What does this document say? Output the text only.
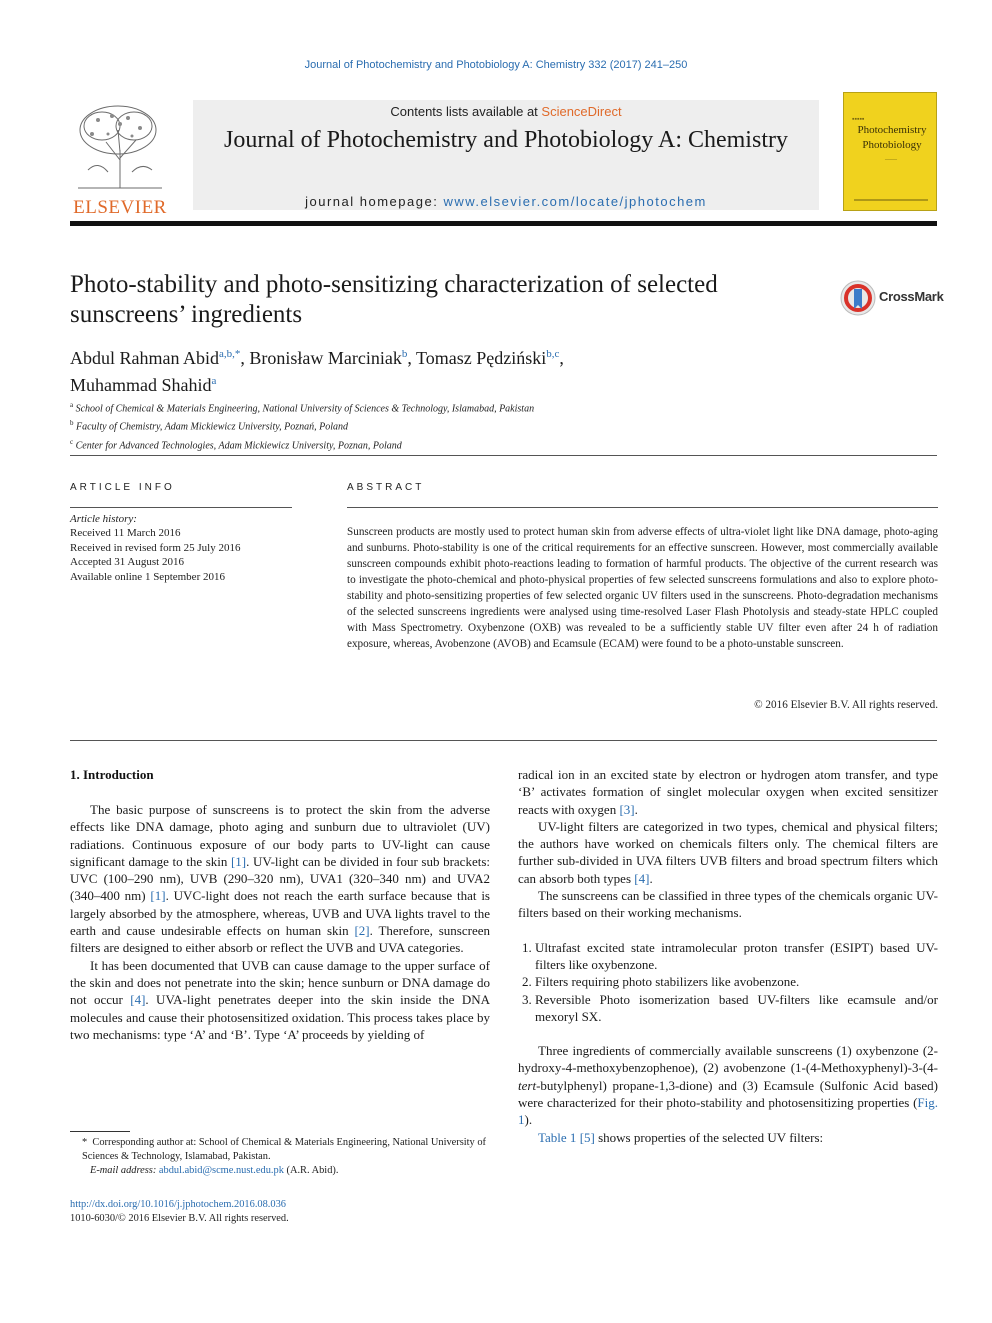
Journal of Photochemistry and Photobiology A: Chemistry 332 (2017) 241–250
ELSEVIER
Contents lists available at ScienceDirect
Journal of Photochemistry and Photobiology A: Chemistry
journal homepage: www.elsevier.com/locate/jphotochem
▪▪▪▪▪
Photochemistry Photobiology
——
Photo-stability and photo-sensitizing characterization of selected sunscreens’ ingredients
CrossMark
Abdul Rahman Abid$^{a,b,*}$, Bronisław Marciniak$^b$, Tomasz Pędziński$^{b,c}$,
Muhammad Shahid$^a$
$^a$ School of Chemical & Materials Engineering, National University of Sciences & Technology, Islamabad, Pakistan
$^b$ Faculty of Chemistry, Adam Mickiewicz University, Poznań, Poland
$^c$ Center for Advanced Technologies, Adam Mickiewicz University, Poznan, Poland
ARTICLE INFO	ABSTRACT
Article history:
Received 11 March 2016
Received in revised form 25 July 2016
Accepted 31 August 2016
Available online 1 September 2016
Sunscreen products are mostly used to protect human skin from adverse effects of ultra-violet light like DNA damage, photo-aging and sunburns. Photo-stability is one of the critical requirements for an effective sunscreen. However, most commercially available sunscreen compounds exhibit photo-reactions leading to formation of harmful products. The objective of the current research was to investigate the photo-chemical and photo-physical properties of few selected sunscreens formulations and also to explore photo-stability and photo-sensitizing properties of few selected organic UV filters used in the sunscreens. Photo-degradation mechanisms of the selected sunscreens ingredients were analysed using time-resolved Laser Flash Photolysis and steady-state HPLC coupled with Mass Spectrometry. Oxybenzone (OXB) was revealed to be a sufficiently stable UV filter even after 24 h of radiation exposure, whereas, Avobenzone (AVOB) and Ecamsule (ECAM) were found to be a photo-unstable sunscreen.
© 2016 Elsevier B.V. All rights reserved.
1. Introduction

The basic purpose of sunscreens is to protect the skin from the adverse effects like DNA damage, photo aging and sunburn due to ultraviolet (UV) radiations. Continuous exposure of our body parts to UV-light can cause significant damage to the skin [1]. UV-light can be divided in four sub brackets: UVC (100–290 nm), UVB (290–320 nm), UVA1 (320–340 nm) and UVA2 (340–400 nm) [1]. UVC-light does not reach the earth surface because that is largely absorbed by the atmosphere, whereas, UVB and UVA lights travel to the earth and cause undesirable effects on human skin [2]. Therefore, sunscreen filters are designed to either absorb or reflect the UVB and UVA categories.

It has been documented that UVB can cause damage to the upper surface of the skin and does not penetrate into the skin; hence sunburn or DNA damage do not occur [4]. UVA-light penetrates deeper into the skin inside the DNA molecules and cause their photosensitized oxidation. This process takes place by two mechanisms: type ‘A’ and ‘B’. Type ‘A’ proceeds by yielding of

radical ion in an excited state by electron or hydrogen atom transfer, and type ‘B’ activates formation of singlet molecular oxygen when excited sensitizer reacts with oxygen [3].

UV-light filters are categorized in two types, chemical and physical filters; the authors have worked on chemicals filters only. The chemical filters are further sub-divided in UVA filters UVB filters and broad spectrum filters which can absorb both types [4].

The sunscreens can be classified in three types of the chemicals organic UV-filters based on their working mechanisms.

1. Ultrafast excited state intramolecular proton transfer (ESIPT) based UV-filters like oxybenzone.
2. Filters requiring photo stabilizers like avobenzone.
3. Reversible Photo isomerization based UV-filters like ecamsule and/or mexoryl SX.

Three ingredients of commercially available sunscreens (1) oxybenzone (2-hydroxy-4-methoxybenzophenoe), (2) avobenzone (1-(4-Methoxyphenyl)-3-(4-tert-butylphenyl) propane-1,3-dione) and (3) Ecamsule (Sulfonic Acid based) were characterized for their photo-stability and photosensitizing properties (Fig. 1).

Table 1 [5] shows properties of the selected UV filters:

* Corresponding author at: School of Chemical & Materials Engineering, National University of Sciences & Technology, Islamabad, Pakistan.
E-mail address: abdul.abid@scme.nust.edu.pk (A.R. Abid).
http://dx.doi.org/10.1016/j.jphotochem.2016.08.036
1010-6030/© 2016 Elsevier B.V. All rights reserved.
